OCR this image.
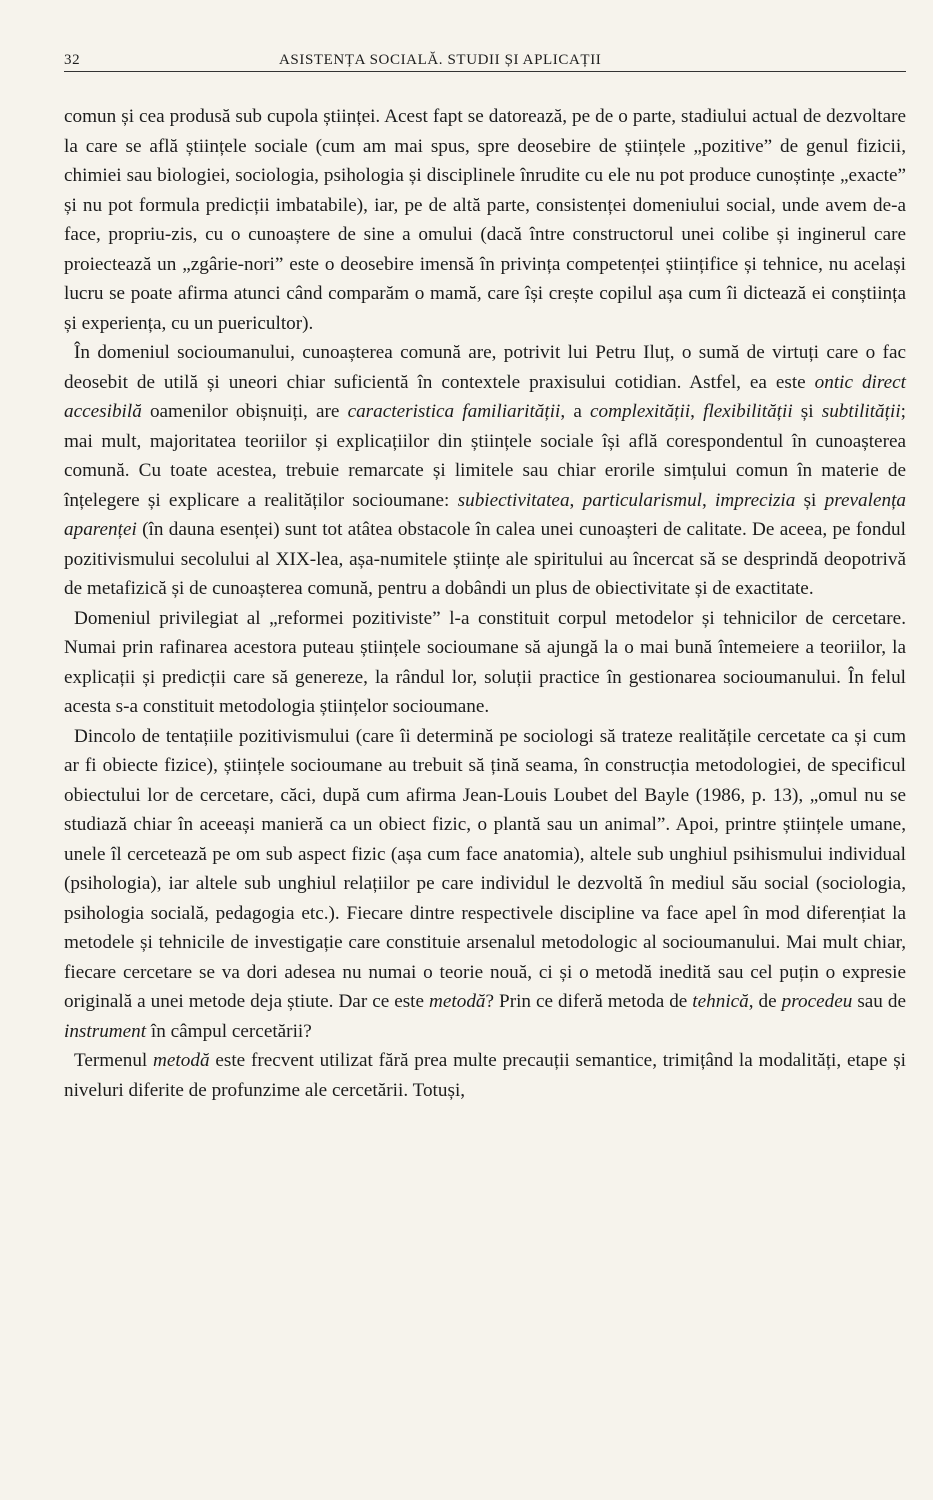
32	ASISTENȚA SOCIALĂ. STUDII ȘI APLICAȚII

comun și cea produsă sub cupola științei. Acest fapt se datorează, pe de o parte, stadiului actual de dezvoltare la care se află științele sociale (cum am mai spus, spre deosebire de științele „pozitive” de genul fizicii, chimiei sau biologiei, sociologia, psihologia și disciplinele înrudite cu ele nu pot produce cunoștințe „exacte” și nu pot formula predicții imbatabile), iar, pe de altă parte, consistenței domeniului social, unde avem de-a face, propriu-zis, cu o cunoaștere de sine a omului (dacă între constructorul unei colibe și inginerul care proiectează un „zgârie-nori” este o deosebire imensă în privința competenței științifice și tehnice, nu același lucru se poate afirma atunci când comparăm o mamă, care își crește copilul așa cum îi dictează ei conștiința și experiența, cu un puericultor).

În domeniul socioumanului, cunoașterea comună are, potrivit lui Petru Iluț, o sumă de virtuți care o fac deosebit de utilă și uneori chiar suficientă în contextele praxisului cotidian. Astfel, ea este ontic direct accesibilă oamenilor obișnuiți, are caracteristica familiarității, a complexității, flexibilității și subtilității; mai mult, majoritatea teoriilor și explicațiilor din științele sociale își află corespondentul în cunoașterea comună. Cu toate acestea, trebuie remarcate și limitele sau chiar erorile simțului comun în materie de înțelegere și explicare a realităților socioumane: subiectivitatea, particularismul, imprecizia și prevalența aparenței (în dauna esenței) sunt tot atâtea obstacole în calea unei cunoașteri de calitate. De aceea, pe fondul pozitivismului secolului al XIX-lea, așa-numitele științe ale spiritului au încercat să se desprindă deopotrivă de metafizică și de cunoașterea comună, pentru a dobândi un plus de obiectivitate și de exactitate.

Domeniul privilegiat al „reformei pozitiviste” l-a constituit corpul metodelor și tehnicilor de cercetare. Numai prin rafinarea acestora puteau științele socioumane să ajungă la o mai bună întemeiere a teoriilor, la explicații și predicții care să genereze, la rândul lor, soluții practice în gestionarea socioumanului. În felul acesta s-a constituit metodologia științelor socioumane.

Dincolo de tentațiile pozitivismului (care îi determină pe sociologi să trateze realitățile cercetate ca și cum ar fi obiecte fizice), științele socioumane au trebuit să țină seama, în construcția metodologiei, de specificul obiectului lor de cercetare, căci, după cum afirma Jean-Louis Loubet del Bayle (1986, p. 13), „omul nu se studiază chiar în aceeași manieră ca un obiect fizic, o plantă sau un animal”. Apoi, printre științele umane, unele îl cercetează pe om sub aspect fizic (așa cum face anatomia), altele sub unghiul psihismului individual (psihologia), iar altele sub unghiul relațiilor pe care individul le dezvoltă în mediul său social (sociologia, psihologia socială, pedagogia etc.). Fiecare dintre respectivele discipline va face apel în mod diferențiat la metodele și tehnicile de investigație care constituie arsenalul metodologic al socioumanului. Mai mult chiar, fiecare cercetare se va dori adesea nu numai o teorie nouă, ci și o metodă inedită sau cel puțin o expresie originală a unei metode deja știute. Dar ce este metodă? Prin ce diferă metoda de tehnică, de procedeu sau de instrument în câmpul cercetării?

Termenul metodă este frecvent utilizat fără prea multe precauții semantice, trimițând la modalități, etape și niveluri diferite de profunzime ale cercetării. Totuși,
